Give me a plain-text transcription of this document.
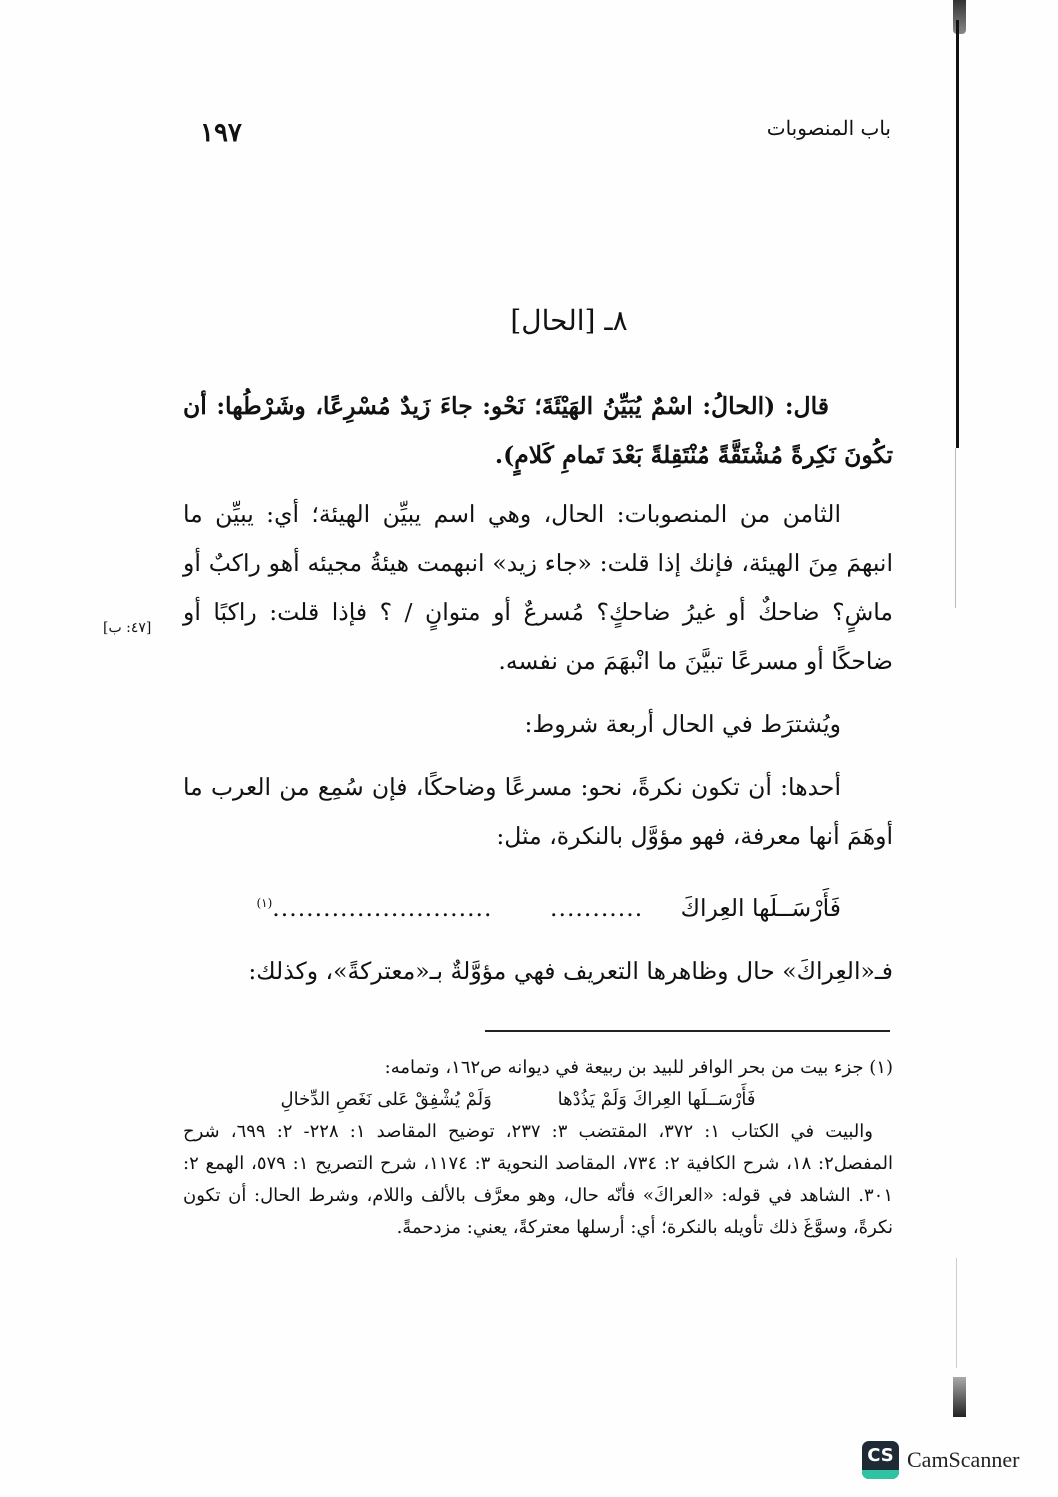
باب المنصوبات
١٩٧
٨ـ [الحال]
[٤٧: ب]

قال: (الحالُ: اسْمٌ يُبَيِّنُ الهَيْئَةَ؛ نَحْو: جاءَ زَيدٌ مُسْرِعًا، وشَرْطُها: أن تكُونَ نَكِرةً مُشْتَقَّةً مُنْتَقِلةً بَعْدَ تَمامِ كَلامٍ).

الثامن من المنصوبات: الحال، وهي اسم يبيِّن الهيئة؛ أي: يبيِّن ما انبهمَ مِنَ الهيئة، فإنك إذا قلت: «جاء زيد» انبهمت هيئةُ مجيئه أهو راكبٌ أو ماشٍ؟ ضاحكٌ أو غيرُ ضاحكٍ؟ مُسرعٌ أو متوانٍ / ؟ فإذا قلت: راكبًا أو ضاحكًا أو مسرعًا تبيَّنَ ما انْبهَمَ من نفسه.

ويُشترَط في الحال أربعة شروط:

أحدها: أن تكون نكرةً، نحو: مسرعًا وضاحكًا، فإن سُمِع من العرب ما أوهَمَ أنها معرفة، فهو مؤوَّل بالنكرة، مثل:

فَأَرْسَــلَها العِراكَ ........... ..........................$^{(١)}$

فـ«العِراكَ» حال وظاهرها التعريف فهي مؤوَّلةٌ بـ«معتركةً»، وكذلك:

(١) جزء بيت من بحر الوافر للبيد بن ربيعة في ديوانه ص١٦٢، وتمامه:

فَأَرْسَــلَها العِراكَ وَلَمْ يَذُدْها وَلَمْ يُشْفِقْ عَلى نَغَصِ الدِّخالِ

والبيت في الكتاب ١: ٣٧٢، المقتضب ٣: ٢٣٧، توضيح المقاصد ١: ٢٢٨- ٢: ٦٩٩، شرح المفصل٢: ١٨، شرح الكافية ٢: ٧٣٤، المقاصد النحوية ٣: ١١٧٤، شرح التصريح ١: ٥٧٩، الهمع ٢: ٣٠١. الشاهد في قوله: «العراكَ» فأنّه حال، وهو معرَّف بالألف واللام، وشرط الحال: أن تكون نكرةً، وسوَّغَ ذلك تأويله بالنكرة؛ أي: أرسلها معتركةً، يعني: مزدحمةً.

CS CamScanner
